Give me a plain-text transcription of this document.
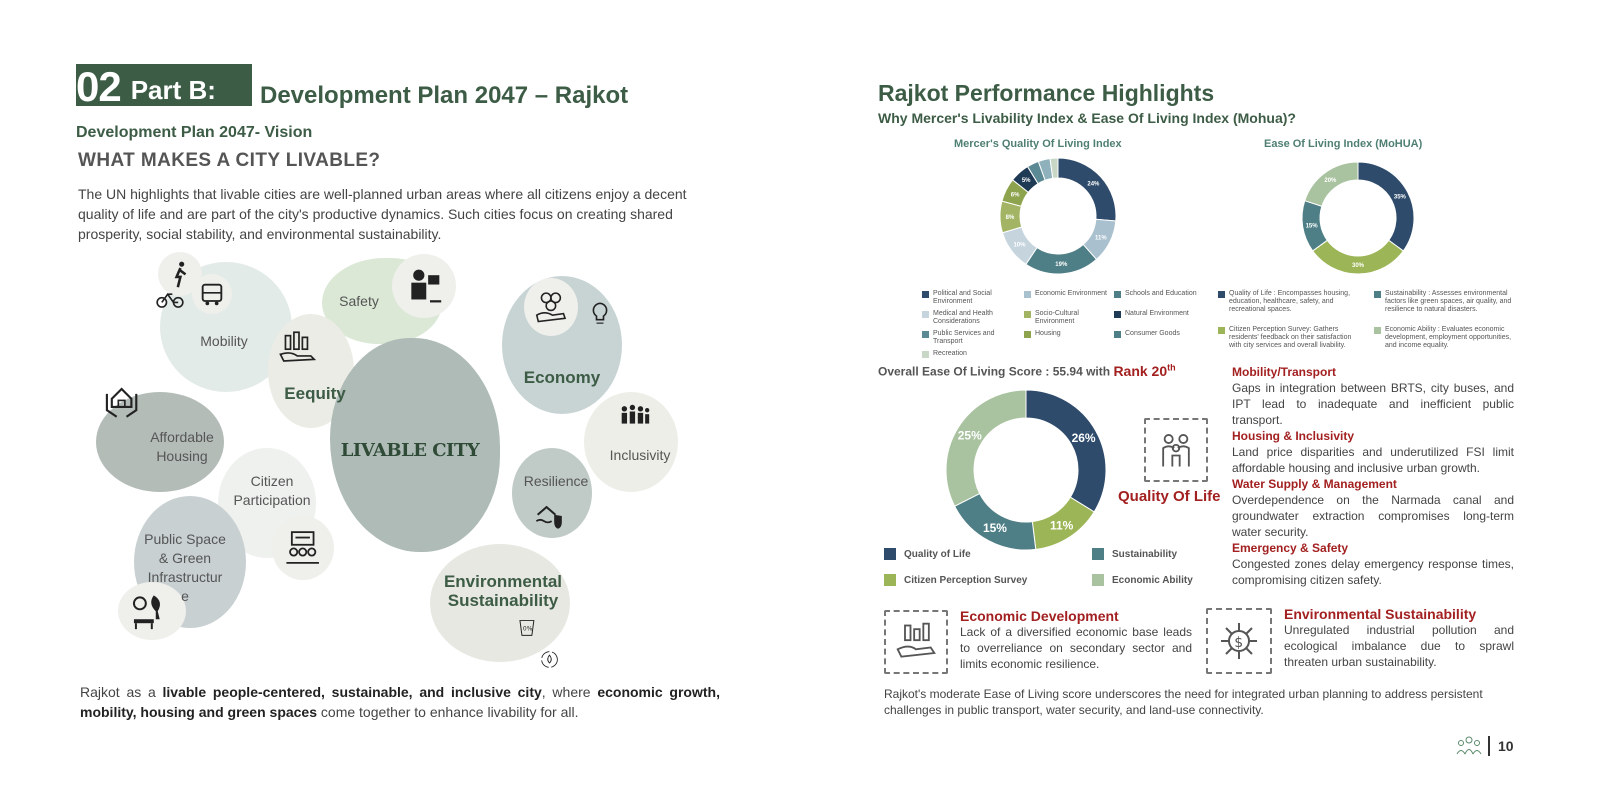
02 Part B: Development Plan 2047 – Rajkot
Development Plan 2047- Vision
WHAT MAKES A CITY LIVABLE?
The UN highlights that livable cities are well-planned urban areas where all citizens enjoy a decent quality of life and are part of the city's productive dynamics. Such cities focus on creating shared prosperity, social stability, and environmental sustainability.
0%
Mobility
Safety
Eequity
Economy
Affordable
Housing	Inclusivity
Citizen
Participation
Resilience
Public Space
& Green
Infrastructur
e
Environmental
Sustainability
LIVABLE CITY
Rajkot as a livable people-centered, sustainable, and inclusive city, where economic growth, mobility, housing and green spaces come together to enhance livability for all.
Rajkot Performance Highlights
Why Mercer's Livability Index & Ease Of Living Index (Mohua)?
Mercer's Quality Of Living Index	Ease Of Living Index (MoHUA)
24%
11%
19%
10%
8%
6%
5%
35%
30%
15%
20%
Political and Social Environment
Economic Environment	Schools and Education
Medical and Health Considerations
Socio-Cultural Environment
Natural Environment
Public Services and Transport
Housing	Consumer Goods
Recreation
Quality of Life : Encompasses housing, education, healthcare, safety, and recreational spaces.
Sustainability : Assesses environmental factors like green spaces, air quality, and resilience to natural disasters.
Citizen Perception Survey: Gathers residents' feedback on their satisfaction with city services and overall livability.
Economic Ability : Evaluates economic development, employment opportunities, and income equality.
Overall Ease Of Living Score : 55.94 with Rank 20th
26%
11%
15%
25%
Quality of Life
Citizen Perception Survey
Sustainability
Economic Ability
Quality Of Life
Mobility/Transport
Gaps in integration between BRTS, city buses, and IPT lead to inadequate and inefficient public transport.
Housing & Inclusivity
Land price disparities and underutilized FSI limit affordable housing and inclusive urban growth.
Water Supply & Management
Overdependence on the Narmada canal and groundwater extraction compromises long-term water security.
Emergency & Safety
Congested zones delay emergency response times, compromising citizen safety.
Economic Development
Lack of a diversified economic base leads to overreliance on secondary sector and limits economic resilience.
$
Environmental Sustainability
Unregulated industrial pollution and ecological imbalance due to sprawl threaten urban sustainability.
Rajkot's moderate Ease of Living score underscores the need for integrated urban planning to address persistent challenges in public transport, water security, and land-use connectivity.
10
